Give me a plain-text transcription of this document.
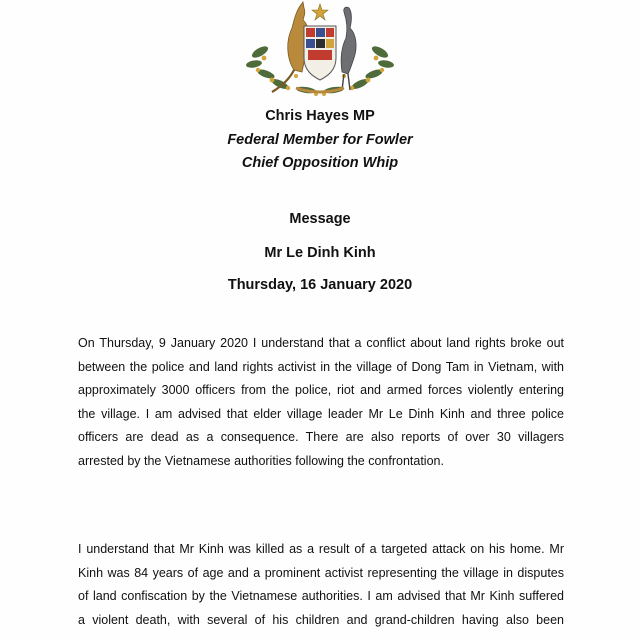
Chris Hayes MP
Federal Member for Fowler
Chief Opposition Whip
Message
Mr Le Dinh Kinh
Thursday, 16 January 2020
On Thursday, 9 January 2020 I understand that a conflict about land rights broke out
between the police and land rights activist in the village of Dong Tam in Vietnam, with
approximately 3000 officers from the police, riot and armed forces violently entering
the village. I am advised that elder village leader Mr Le Dinh Kinh and three police
officers are dead as a consequence. There are also reports of over 30 villagers
arrested by the Vietnamese authorities following the confrontation.
I understand that Mr Kinh was killed as a result of a targeted attack on his home. Mr
Kinh was 84 years of age and a prominent activist representing the village in disputes
of land confiscation by the Vietnamese authorities. I am advised that Mr Kinh suffered
a violent death, with several of his children and grand-children having also been
